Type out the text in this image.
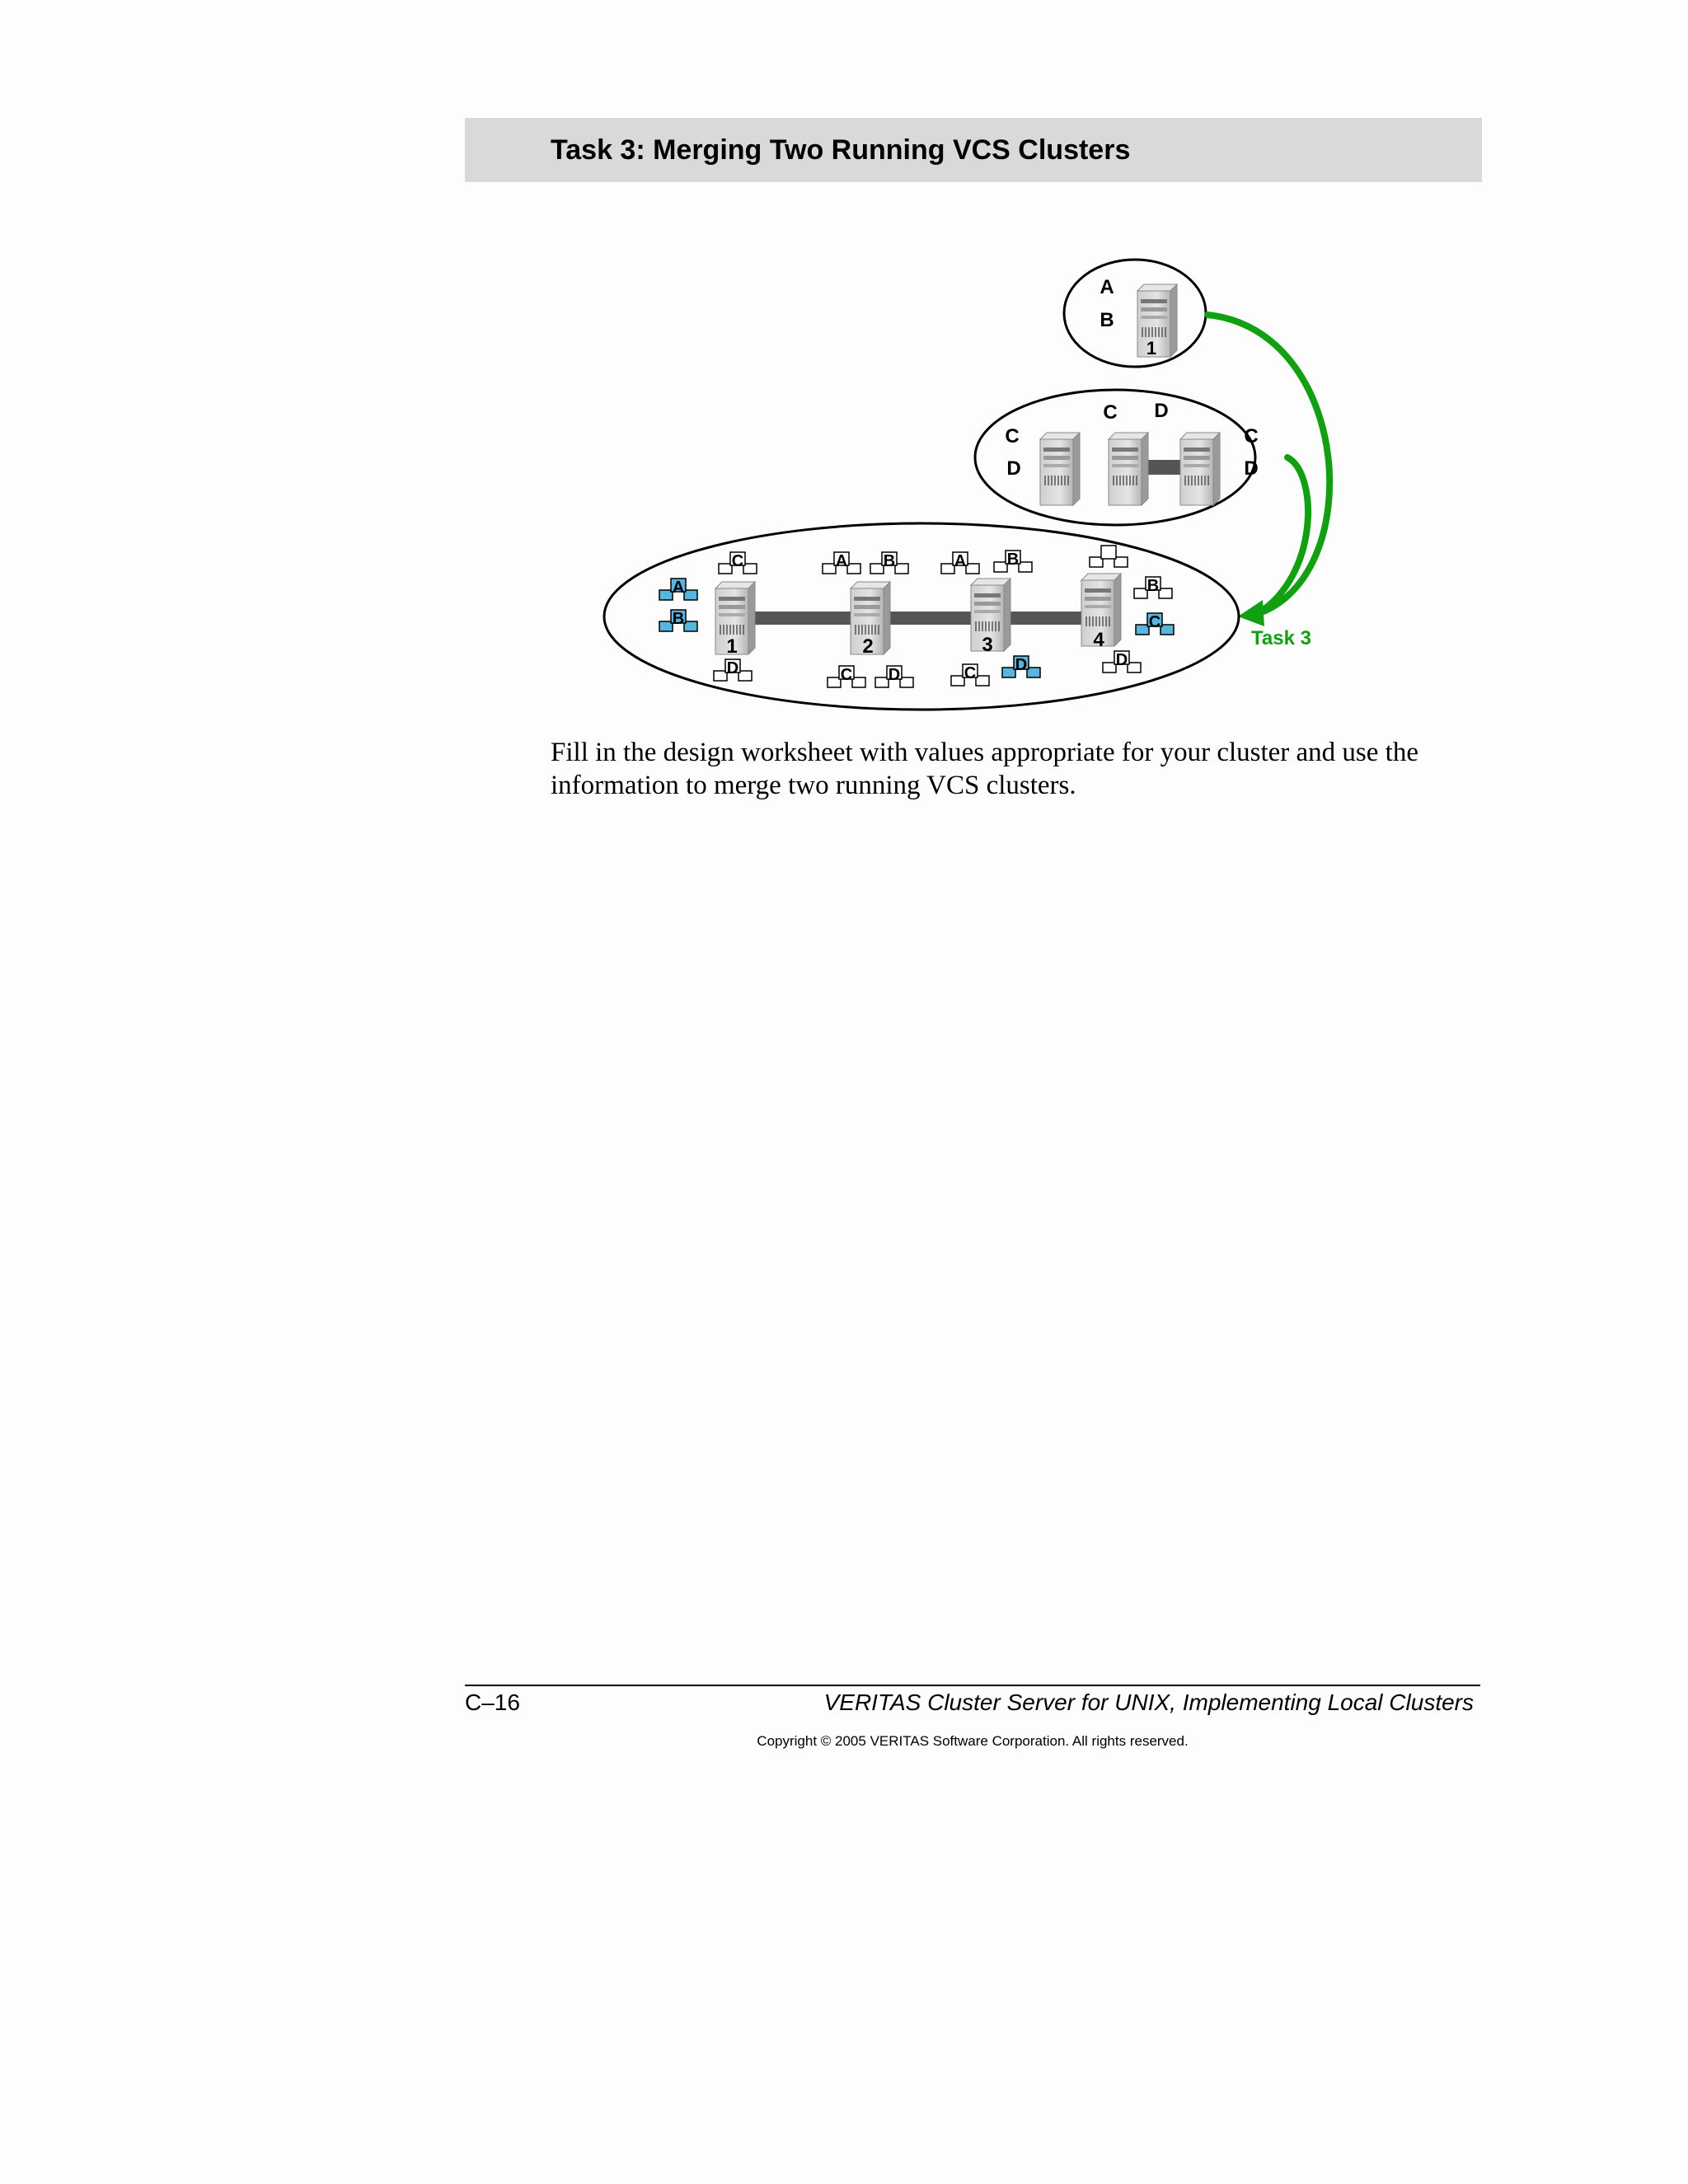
Task 3: Merging Two Running VCS Clusters
A
B
1
C
D
C D
C
D
Task 3
1	2	3	4
C
A
B
D
A B
C D
A B
C D
B
C
D

Fill in the design worksheet with values appropriate for your cluster and use the information to merge two running VCS clusters.

C–16	VERITAS Cluster Server for UNIX, Implementing Local Clusters
Copyright © 2005 VERITAS Software Corporation. All rights reserved.
